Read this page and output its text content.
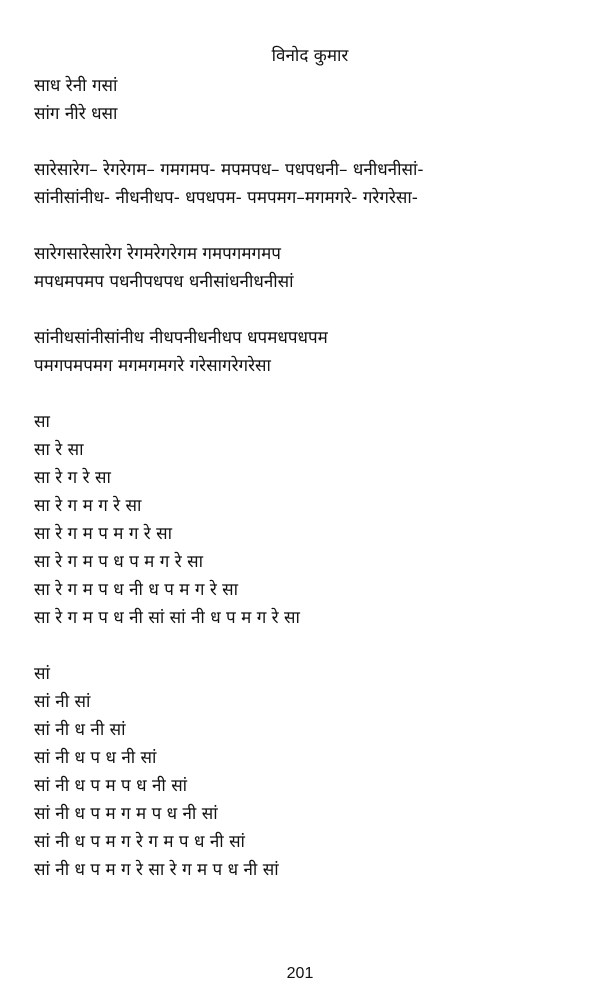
विनोद कुमार
साध रेनी गसां
सांग नीरे धसा
सारेसारेग– रेगरेगम– गमगमप- मपमपध– पधपधनी– धनीधनीसां-
सांनीसांनीध- नीधनीधप- धपधपम- पमपमग–मगमगरे- गरेगरेसा-
सारेगसारेसारेग रेगमरेगरेगम गमपगमगमप
मपधमपमप पधनीपधपध धनीसांधनीधनीसां
सांनीधसांनीसांनीध नीधपनीधनीधप धपमधपधपम
पमगपमपमग मगमगमगरे गरेसागरेगरेसा
सा
सा रे सा
सा रे ग रे सा
सा रे ग म ग रे सा
सा रे ग म प म ग रे सा
सा रे ग म प ध प म ग रे सा
सा रे ग म प ध नी ध प म ग रे सा
सा रे ग म प ध नी सां सां नी ध प म ग रे सा
सां
सां नी सां
सां नी ध नी सां
सां नी ध प ध नी सां
सां नी ध प म प ध नी सां
सां नी ध प म ग म प ध नी सां
सां नी ध प म ग रे ग म प ध नी सां
सां नी ध प म ग रे सा रे ग म प ध नी सां
201
